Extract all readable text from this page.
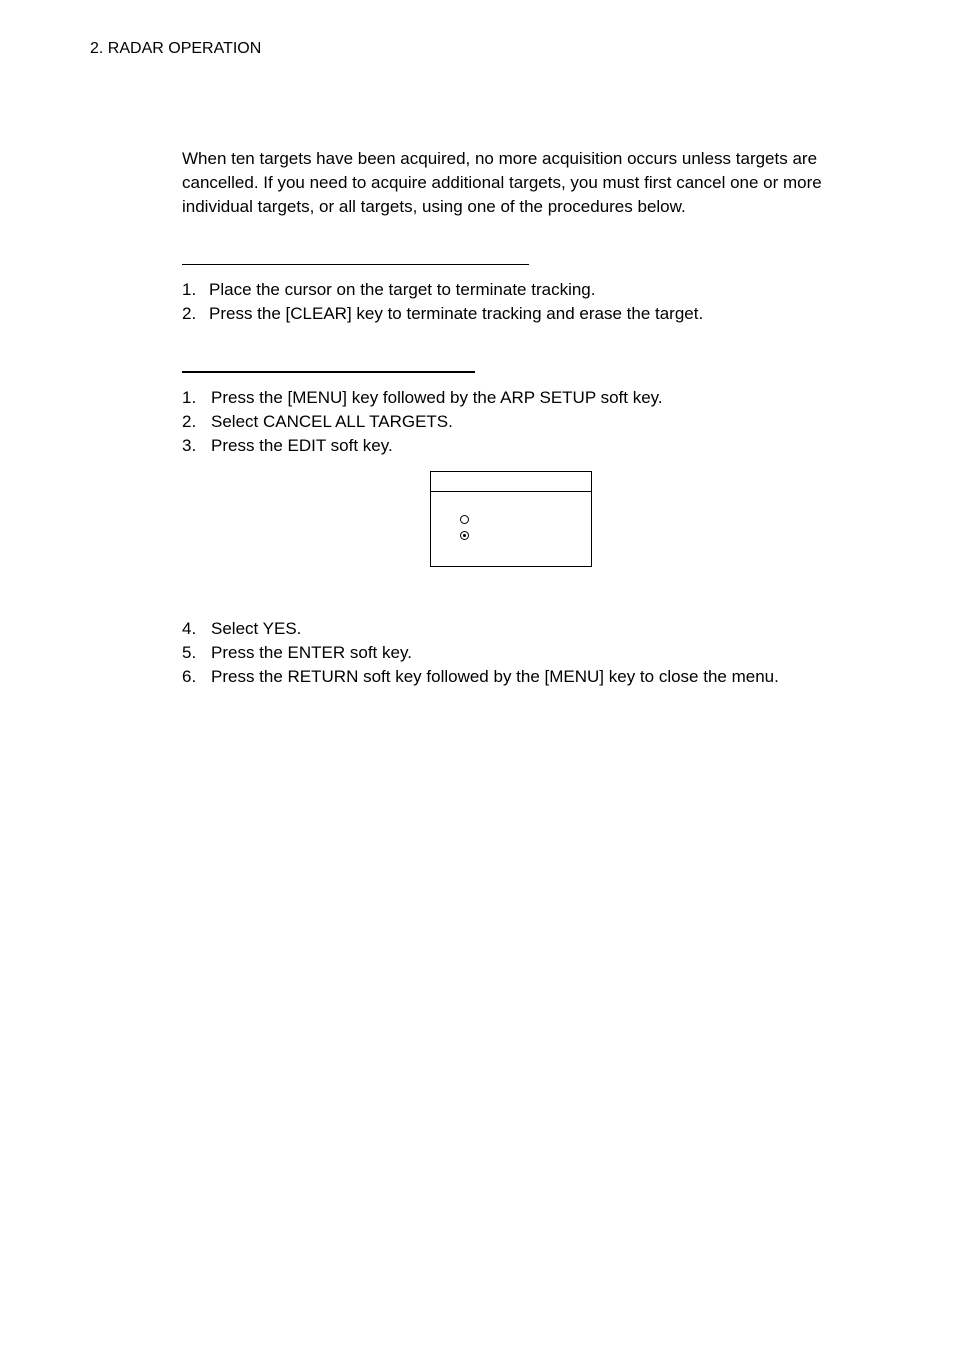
2. RADAR OPERATION

When ten targets have been acquired, no more acquisition occurs unless targets are cancelled. If you need to acquire additional targets, you must first cancel one or more individual targets, or all targets, using one of the procedures below.

1. Place the cursor on the target to terminate tracking.
2. Press the [CLEAR] key to terminate tracking and erase the target.
1. Press the [MENU] key followed by the ARP SETUP soft key.
2. Select CANCEL ALL TARGETS.
3. Press the EDIT soft key.
4. Select YES.
5. Press the ENTER soft key.
6. Press the RETURN soft key followed by the [MENU] key to close the menu.
